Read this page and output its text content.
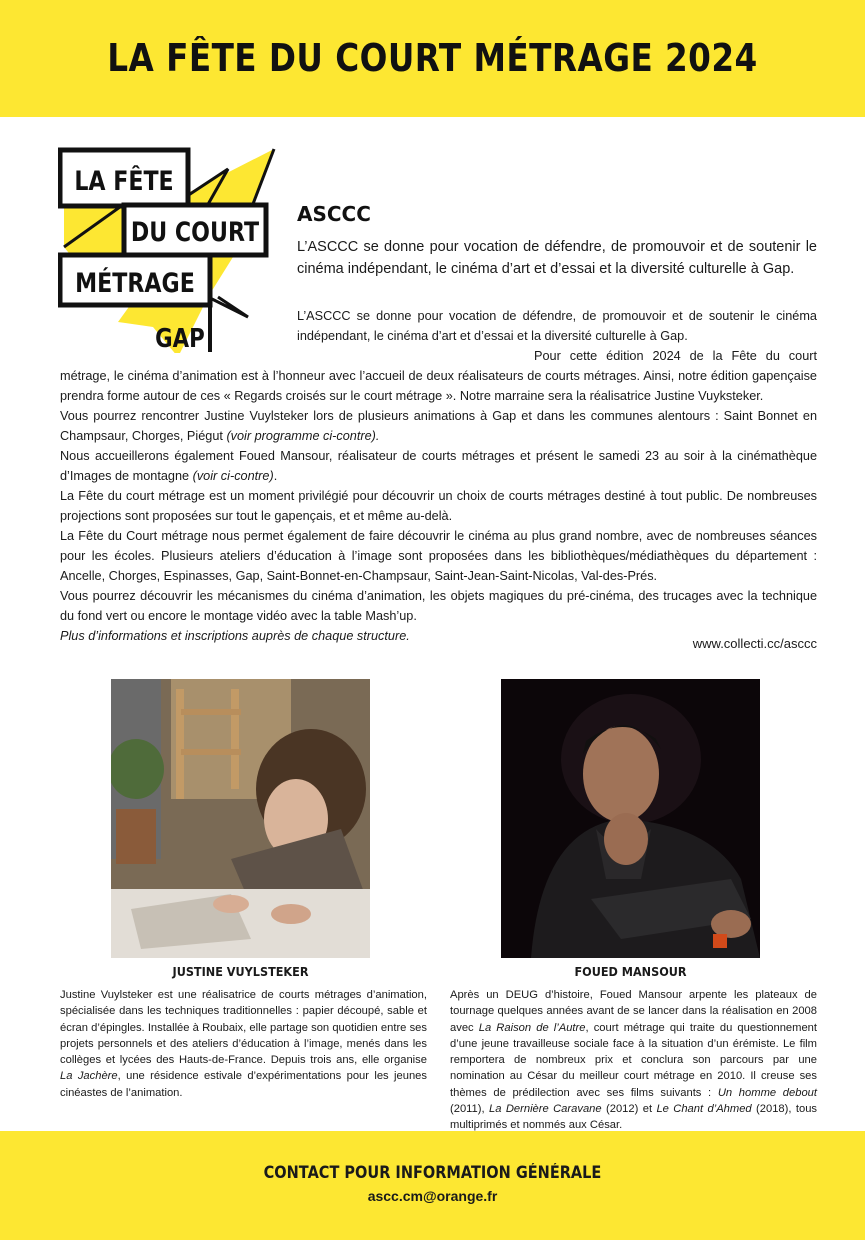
LA FÊTE DU COURT MÉTRAGE 2024
LA FÊTE
DU COURT
MÉTRAGE
GAP
ASCCC

L’ASCCC se donne pour vocation de défendre, de promouvoir et de soutenir le cinéma indépendant, le cinéma d’art et d’essai et la diversité culturelle à Gap.

L’ASCCC se donne pour vocation de défendre, de promouvoir et de soutenir le cinéma indépendant, le cinéma d’art et d’essai et la diversité culturelle à Gap.

Pour cette édition 2024 de la Fête du court métrage, le cinéma d’animation est à l’honneur avec l’accueil de deux réalisateurs de courts métrages. Ainsi, notre édition gapençaise prendra forme autour de ces « Regards croisés sur le court métrage ». Notre marraine sera la réalisatrice Justine Vuyksteker.

Vous pourrez rencontrer Justine Vuylsteker lors de plusieurs animations à Gap et dans les communes alentours : Saint Bonnet en Champsaur, Chorges, Piégut (voir programme ci-contre).

Nous accueillerons également Foued Mansour, réalisateur de courts métrages et présent le samedi 23 au soir à la cinémathèque d’Images de montagne (voir ci-contre).

La Fête du court métrage est un moment privilégié pour découvrir un choix de courts métrages destiné à tout public. De nombreuses projections sont proposées sur tout le gapençais, et et même au-delà.

La Fête du Court métrage nous permet également de faire découvrir le cinéma au plus grand nombre, avec de nombreuses séances pour les écoles. Plusieurs ateliers d’éducation à l’image sont proposées dans les bibliothèques/médiathèques du département : Ancelle, Chorges, Espinasses, Gap, Saint-Bonnet-en-Champsaur, Saint-Jean-Saint-Nicolas, Val-des-Prés.

Vous pourrez découvrir les mécanismes du cinéma d’animation, les objets magiques du pré-cinéma, des trucages avec la technique du fond vert ou encore le montage vidéo avec la table Mash’up.

Plus d’informations et inscriptions auprès de chaque structure.	www.collecti.cc/asccc

JUSTINE VUYLSTEKER	FOUED MANSOUR

Justine Vuylsteker est une réalisatrice de courts métrages d’animation, spécialisée dans les techniques traditionnelles : papier découpé, sable et écran d’épingles. Installée à Roubaix, elle partage son quotidien entre ses projets personnels et des ateliers d’éducation à l’image, menés dans les collèges et lycées des Hauts-de-France. Depuis trois ans, elle organise La Jachère, une résidence estivale d’expérimentations pour les jeunes cinéastes de l’animation.

Après un DEUG d’histoire, Foued Mansour arpente les plateaux de tournage quelques années avant de se lancer dans la réalisation en 2008 avec La Raison de l’Autre, court métrage qui traite du questionnement d’une jeune travailleuse sociale face à la situation d’un érémiste. Le film remportera de nombreux prix et conclura son parcours par une nomination au César du meilleur court métrage en 2010. Il creuse ses thèmes de prédilection avec ses films suivants : Un homme debout (2011), La Dernière Caravane (2012) et Le Chant d’Ahmed (2018), tous multiprimés et nommés aux César.

CONTACT POUR INFORMATION GÉNÉRALE

ascc.cm@orange.fr
